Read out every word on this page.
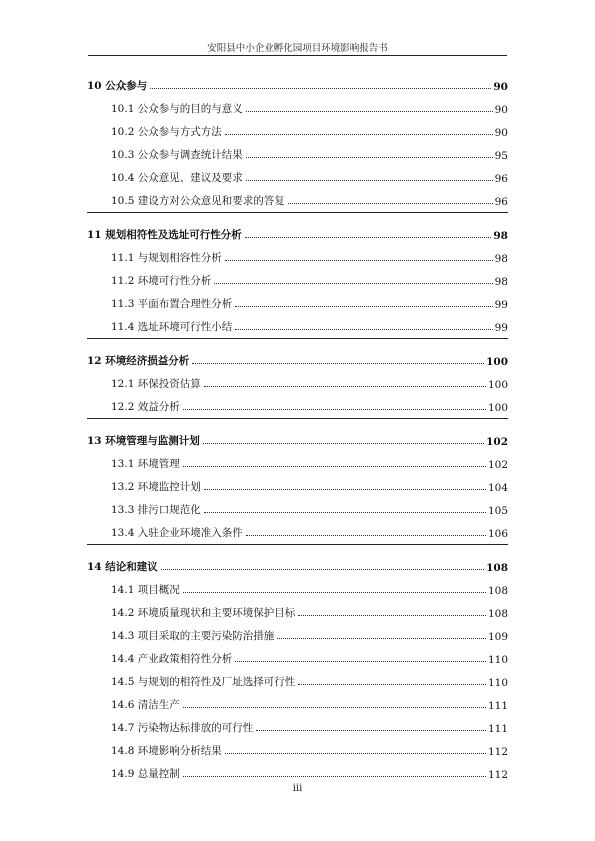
安阳县中小企业孵化园项目环境影响报告书
10 公众参与	90
10.1 公众参与的目的与意义	90
10.2 公众参与方式方法	90
10.3 公众参与调查统计结果	95
10.4 公众意见、建议及要求	96
10.5 建设方对公众意见和要求的答复	96
11 规划相符性及选址可行性分析	98
11.1 与规划相容性分析	98
11.2 环境可行性分析	98
11.3 平面布置合理性分析	99
11.4 选址环境可行性小结	99
12 环境经济损益分析	100
12.1 环保投资估算	100
12.2 效益分析	100
13 环境管理与监测计划	102
13.1 环境管理	102
13.2 环境监控计划	104
13.3 排污口规范化	105
13.4 入驻企业环境准入条件	106
14 结论和建议	108
14.1 项目概况	108
14.2 环境质量现状和主要环境保护目标	108
14.3 项目采取的主要污染防治措施	109
14.4 产业政策相符性分析	110
14.5 与规划的相符性及厂址选择可行性	110
14.6 清洁生产	111
14.7 污染物达标排放的可行性	111
14.8 环境影响分析结果	112
14.9 总量控制	112
iii
